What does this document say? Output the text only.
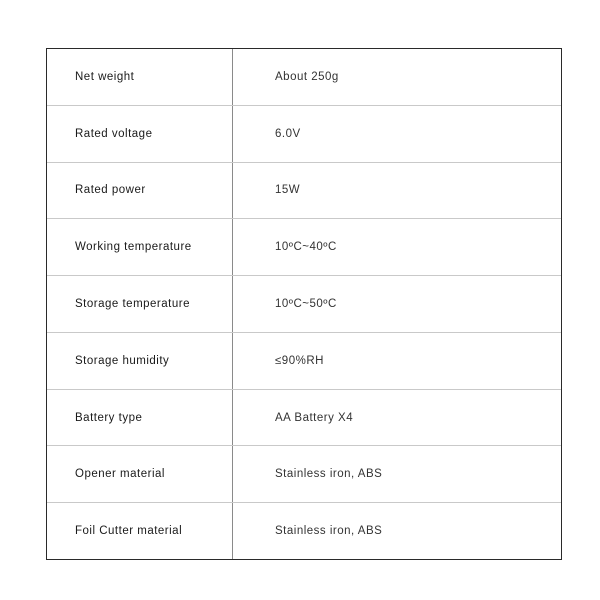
Net weight	About 250g
Rated voltage	6.0V
Rated power	15W
Working temperature	10ºC~40ºC
Storage temperature	10ºC~50ºC
Storage humidity	≤90%RH
Battery type	AA Battery X4
Opener material	Stainless iron, ABS
Foil Cutter material	Stainless iron, ABS
